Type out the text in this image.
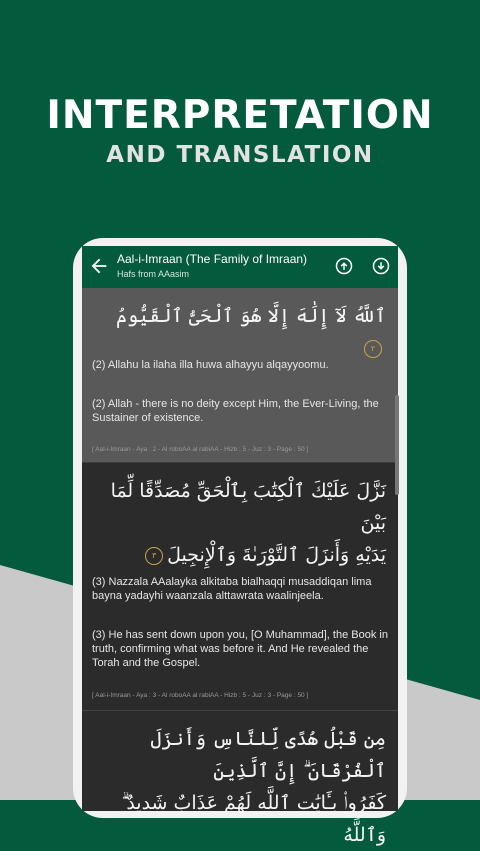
INTERPRETATION
AND TRANSLATION
Aal-i-Imraan (The Family of Imraan)
Hafs from AAasim
ٱللَّهُ لَآ إِلَٰهَ إِلَّا هُوَ ٱلْحَىُّ ٱلْقَيُّومُ ٢
(2) Allahu la ilaha illa huwa alhayyu alqayyoomu.
(2) Allah - there is no deity except Him, the Ever-Living, the Sustainer of existence.
[ Aal-i-Imraan - Aya : 2 - Al roboAA al rabiAA - Hizb : 5 - Juz : 3 - Page : 50 ]
نَزَّلَ عَلَيْكَ ٱلْكِتَٰبَ بِٱلْحَقِّ مُصَدِّقًا لِّمَا بَيْنَ
يَدَيْهِ وَأَنزَلَ ٱلتَّوْرَىٰةَ وَٱلْإِنجِيلَ٣
(3) Nazzala AAalayka alkitaba bialhaqqi musaddiqan lima bayna yadayhi waanzala alttawrata waalinjeela.
(3) He has sent down upon you, [O Muhammad], the Book in truth, confirming what was before it. And He revealed the Torah and the Gospel.
[ Aal-i-Imraan - Aya : 3 - Al roboAA al rabiAA - Hizb : 5 - Juz : 3 - Page : 50 ]
مِن قَبْلُ هُدًى لِّلنَّاسِ وَأَنزَلَ ٱلْفُرْقَانَ ۗ إِنَّ ٱلَّذِينَ
كَفَرُوا۟ بِـَٔايَٰتِ ٱللَّهِ لَهُمْ عَذَابٌ شَدِيدٌ ۗ وَٱللَّهُ
